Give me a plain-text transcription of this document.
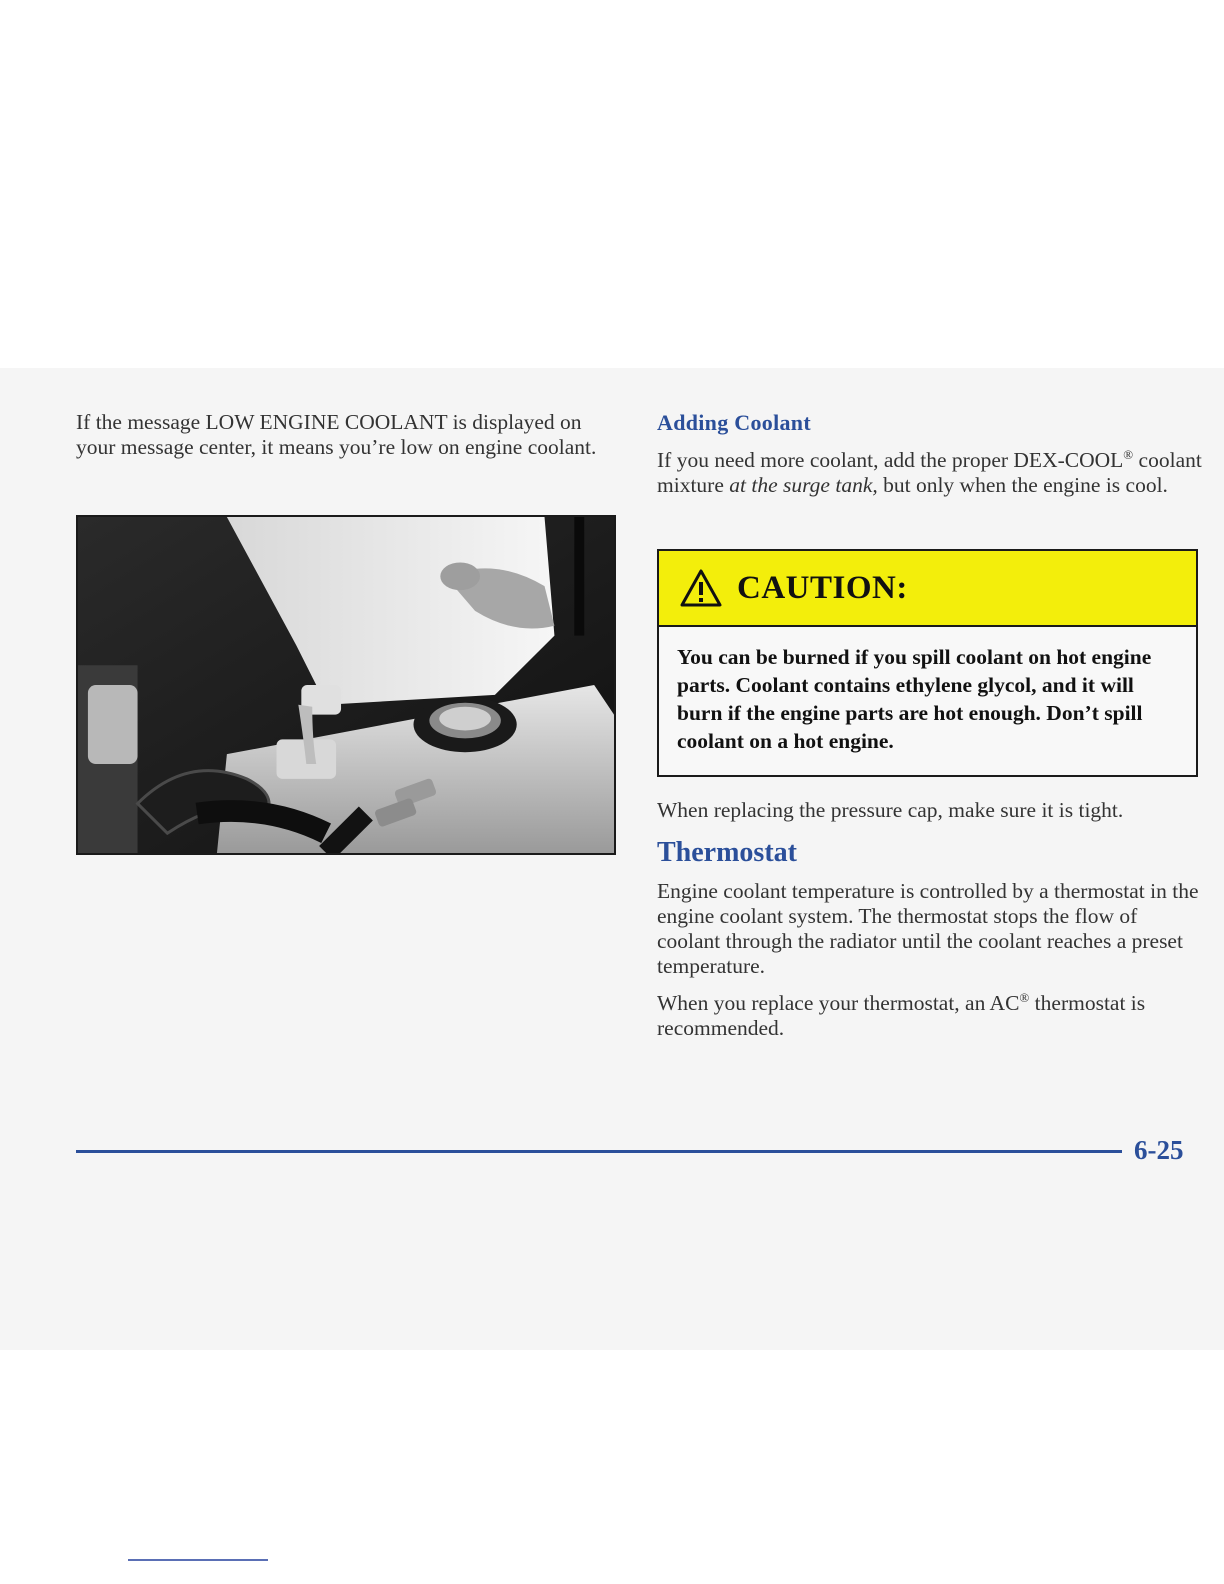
If the message LOW ENGINE COOLANT is displayed on your message center, it means you’re low on engine coolant.

Adding Coolant

If you need more coolant, add the proper DEX-COOL® coolant mixture at the surge tank, but only when the engine is cool.

CAUTION:
You can be burned if you spill coolant on hot engine parts. Coolant contains ethylene glycol, and it will burn if the engine parts are hot enough. Don’t spill coolant on a hot engine.

When replacing the pressure cap, make sure it is tight.

Thermostat

Engine coolant temperature is controlled by a thermostat in the engine coolant system. The thermostat stops the flow of coolant through the radiator until the coolant reaches a preset temperature.

When you replace your thermostat, an AC® thermostat is recommended.

6-25
